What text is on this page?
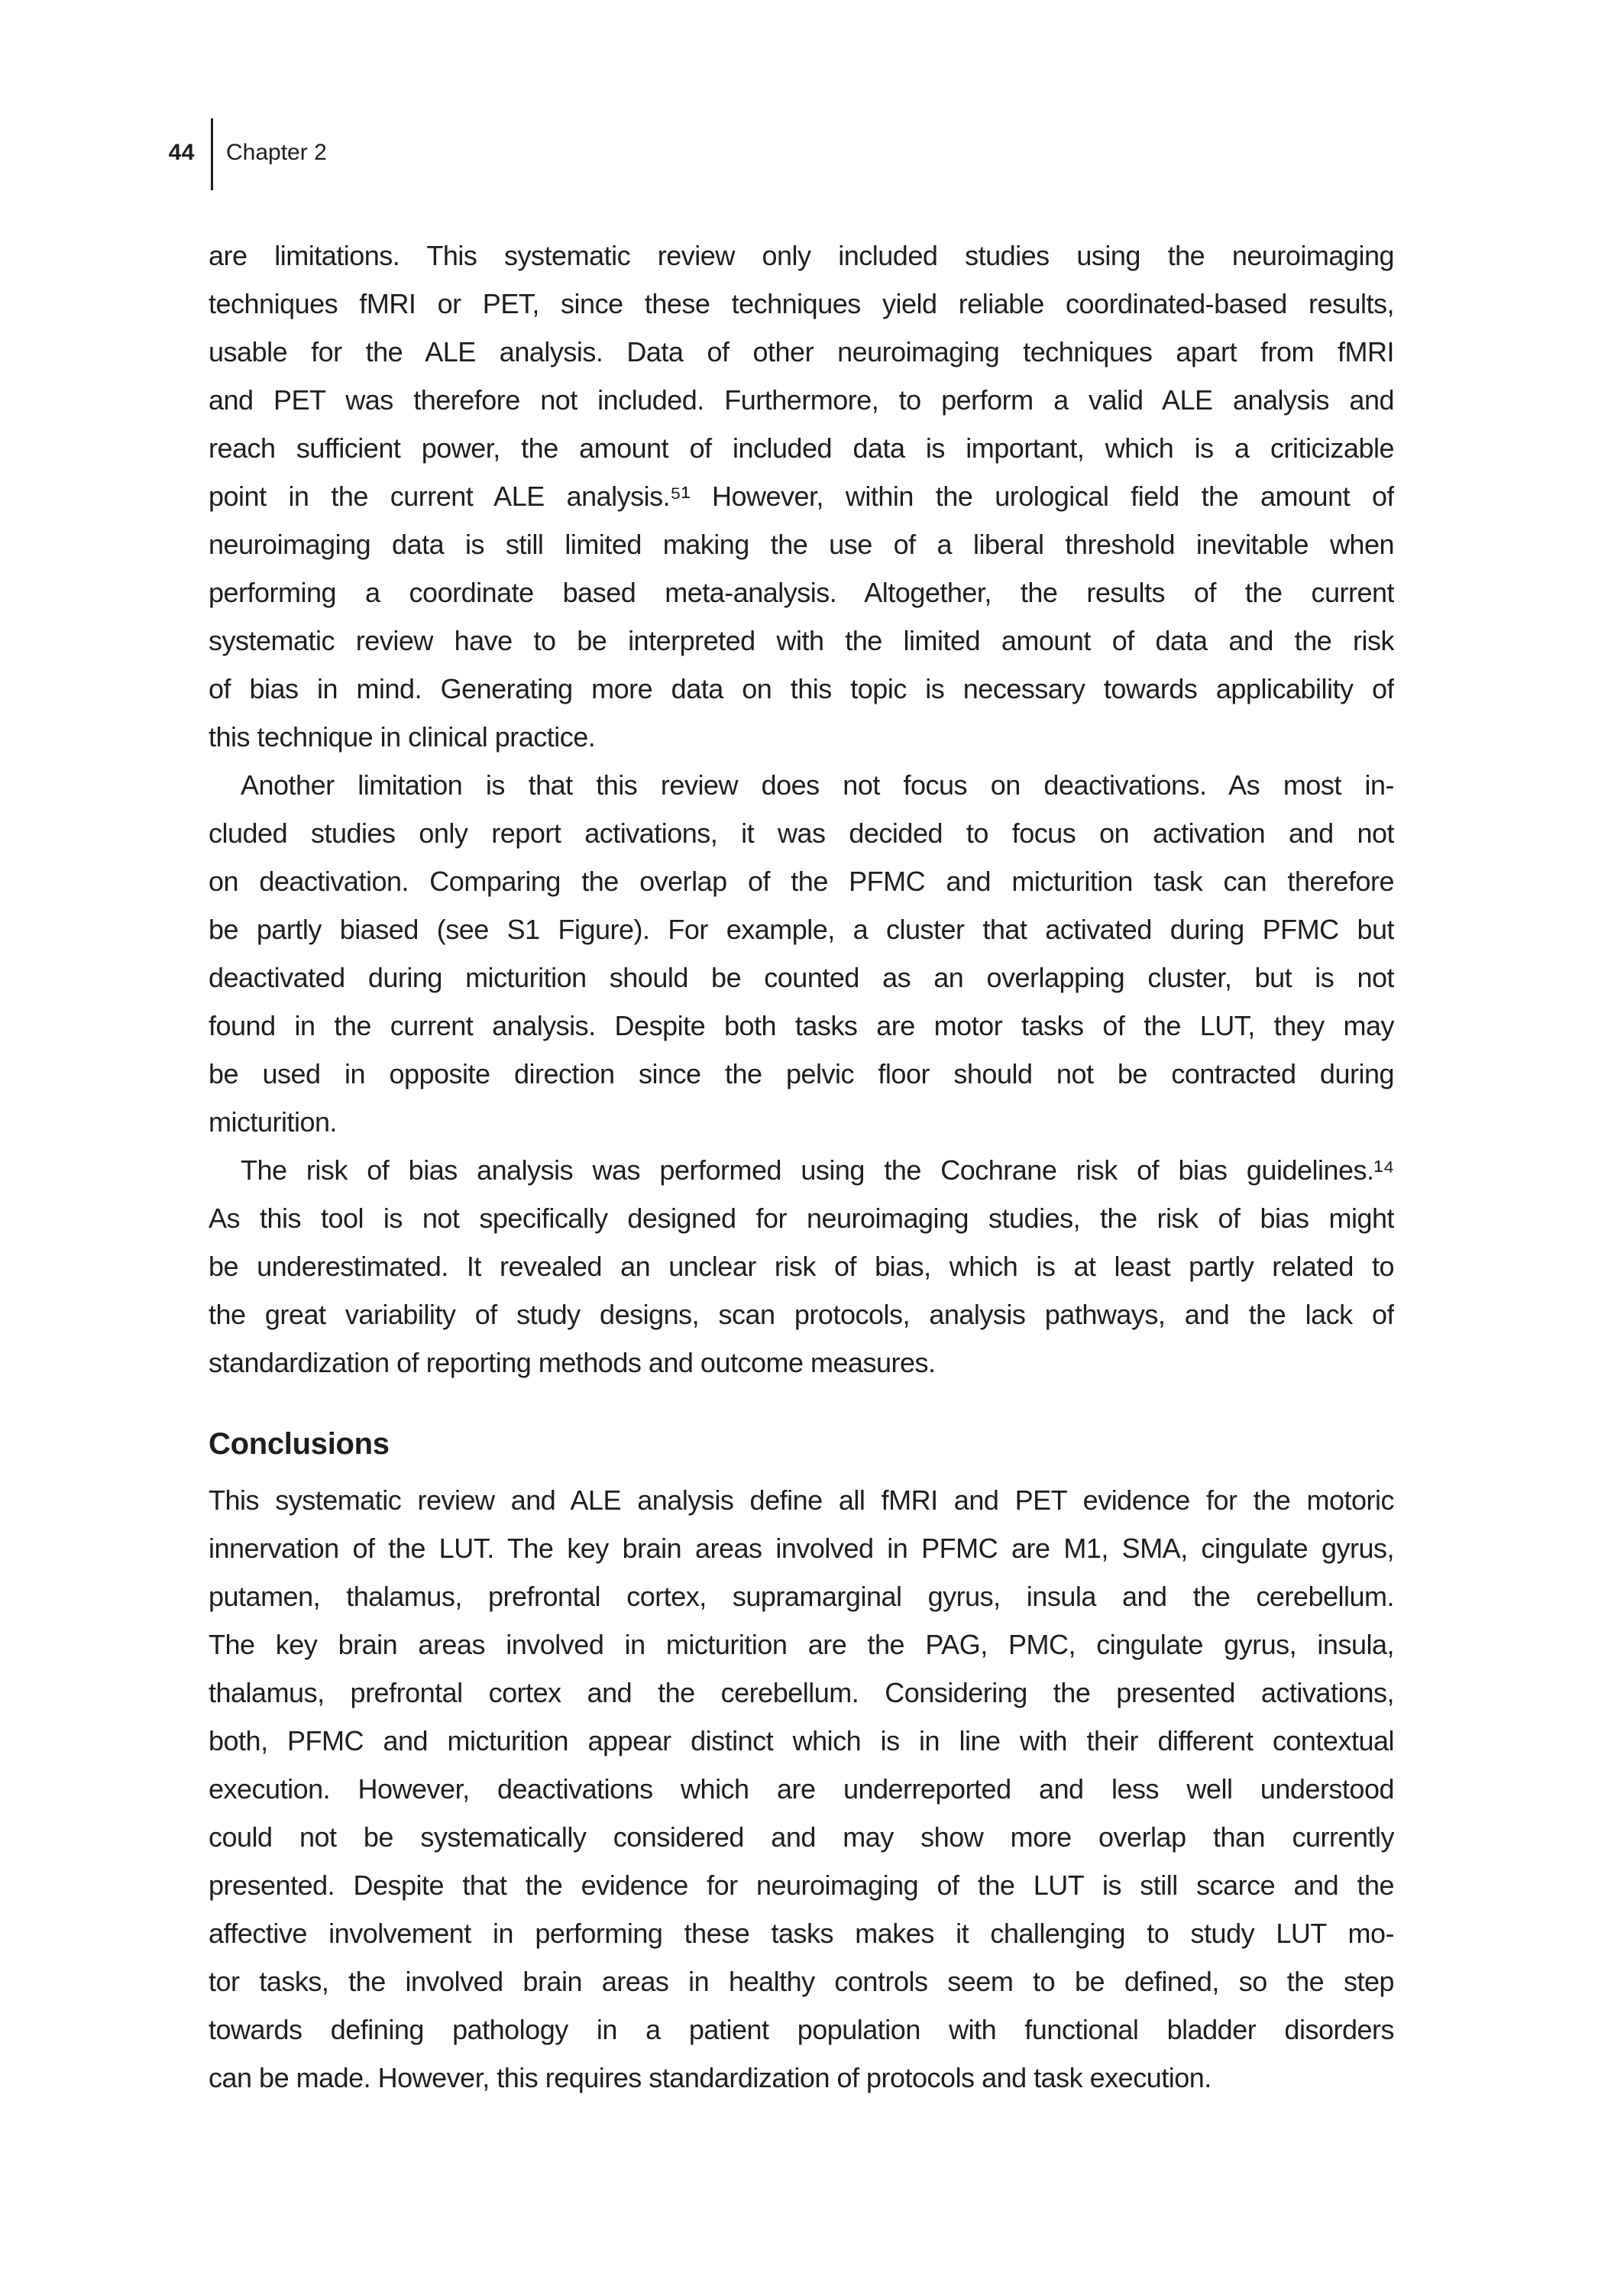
44 Chapter 2

are limitations. This systematic review only included studies using the neuroimaging

techniques fMRI or PET, since these techniques yield reliable coordinated-based results,

usable for the ALE analysis. Data of other neuroimaging techniques apart from fMRI

and PET was therefore not included. Furthermore, to perform a valid ALE analysis and

reach sufficient power, the amount of included data is important, which is a criticizable

point in the current ALE analysis.⁵¹ However, within the urological field the amount of

neuroimaging data is still limited making the use of a liberal threshold inevitable when

performing a coordinate based meta-analysis. Altogether, the results of the current

systematic review have to be interpreted with the limited amount of data and the risk

of bias in mind. Generating more data on this topic is necessary towards applicability of

this technique in clinical practice.

Another limitation is that this review does not focus on deactivations. As most in-

cluded studies only report activations, it was decided to focus on activation and not

on deactivation. Comparing the overlap of the PFMC and micturition task can therefore

be partly biased (see S1 Figure). For example, a cluster that activated during PFMC but

deactivated during micturition should be counted as an overlapping cluster, but is not

found in the current analysis. Despite both tasks are motor tasks of the LUT, they may

be used in opposite direction since the pelvic floor should not be contracted during

micturition.

The risk of bias analysis was performed using the Cochrane risk of bias guidelines.¹⁴

As this tool is not specifically designed for neuroimaging studies, the risk of bias might

be underestimated. It revealed an unclear risk of bias, which is at least partly related to

the great variability of study designs, scan protocols, analysis pathways, and the lack of

standardization of reporting methods and outcome measures.

Conclusions

This systematic review and ALE analysis define all fMRI and PET evidence for the motoric

innervation of the LUT. The key brain areas involved in PFMC are M1, SMA, cingulate gyrus,

putamen, thalamus, prefrontal cortex, supramarginal gyrus, insula and the cerebellum.

The key brain areas involved in micturition are the PAG, PMC, cingulate gyrus, insula,

thalamus, prefrontal cortex and the cerebellum. Considering the presented activations,

both, PFMC and micturition appear distinct which is in line with their different contextual

execution. However, deactivations which are underreported and less well understood

could not be systematically considered and may show more overlap than currently

presented. Despite that the evidence for neuroimaging of the LUT is still scarce and the

affective involvement in performing these tasks makes it challenging to study LUT mo-

tor tasks, the involved brain areas in healthy controls seem to be defined, so the step

towards defining pathology in a patient population with functional bladder disorders

can be made. However, this requires standardization of protocols and task execution.
